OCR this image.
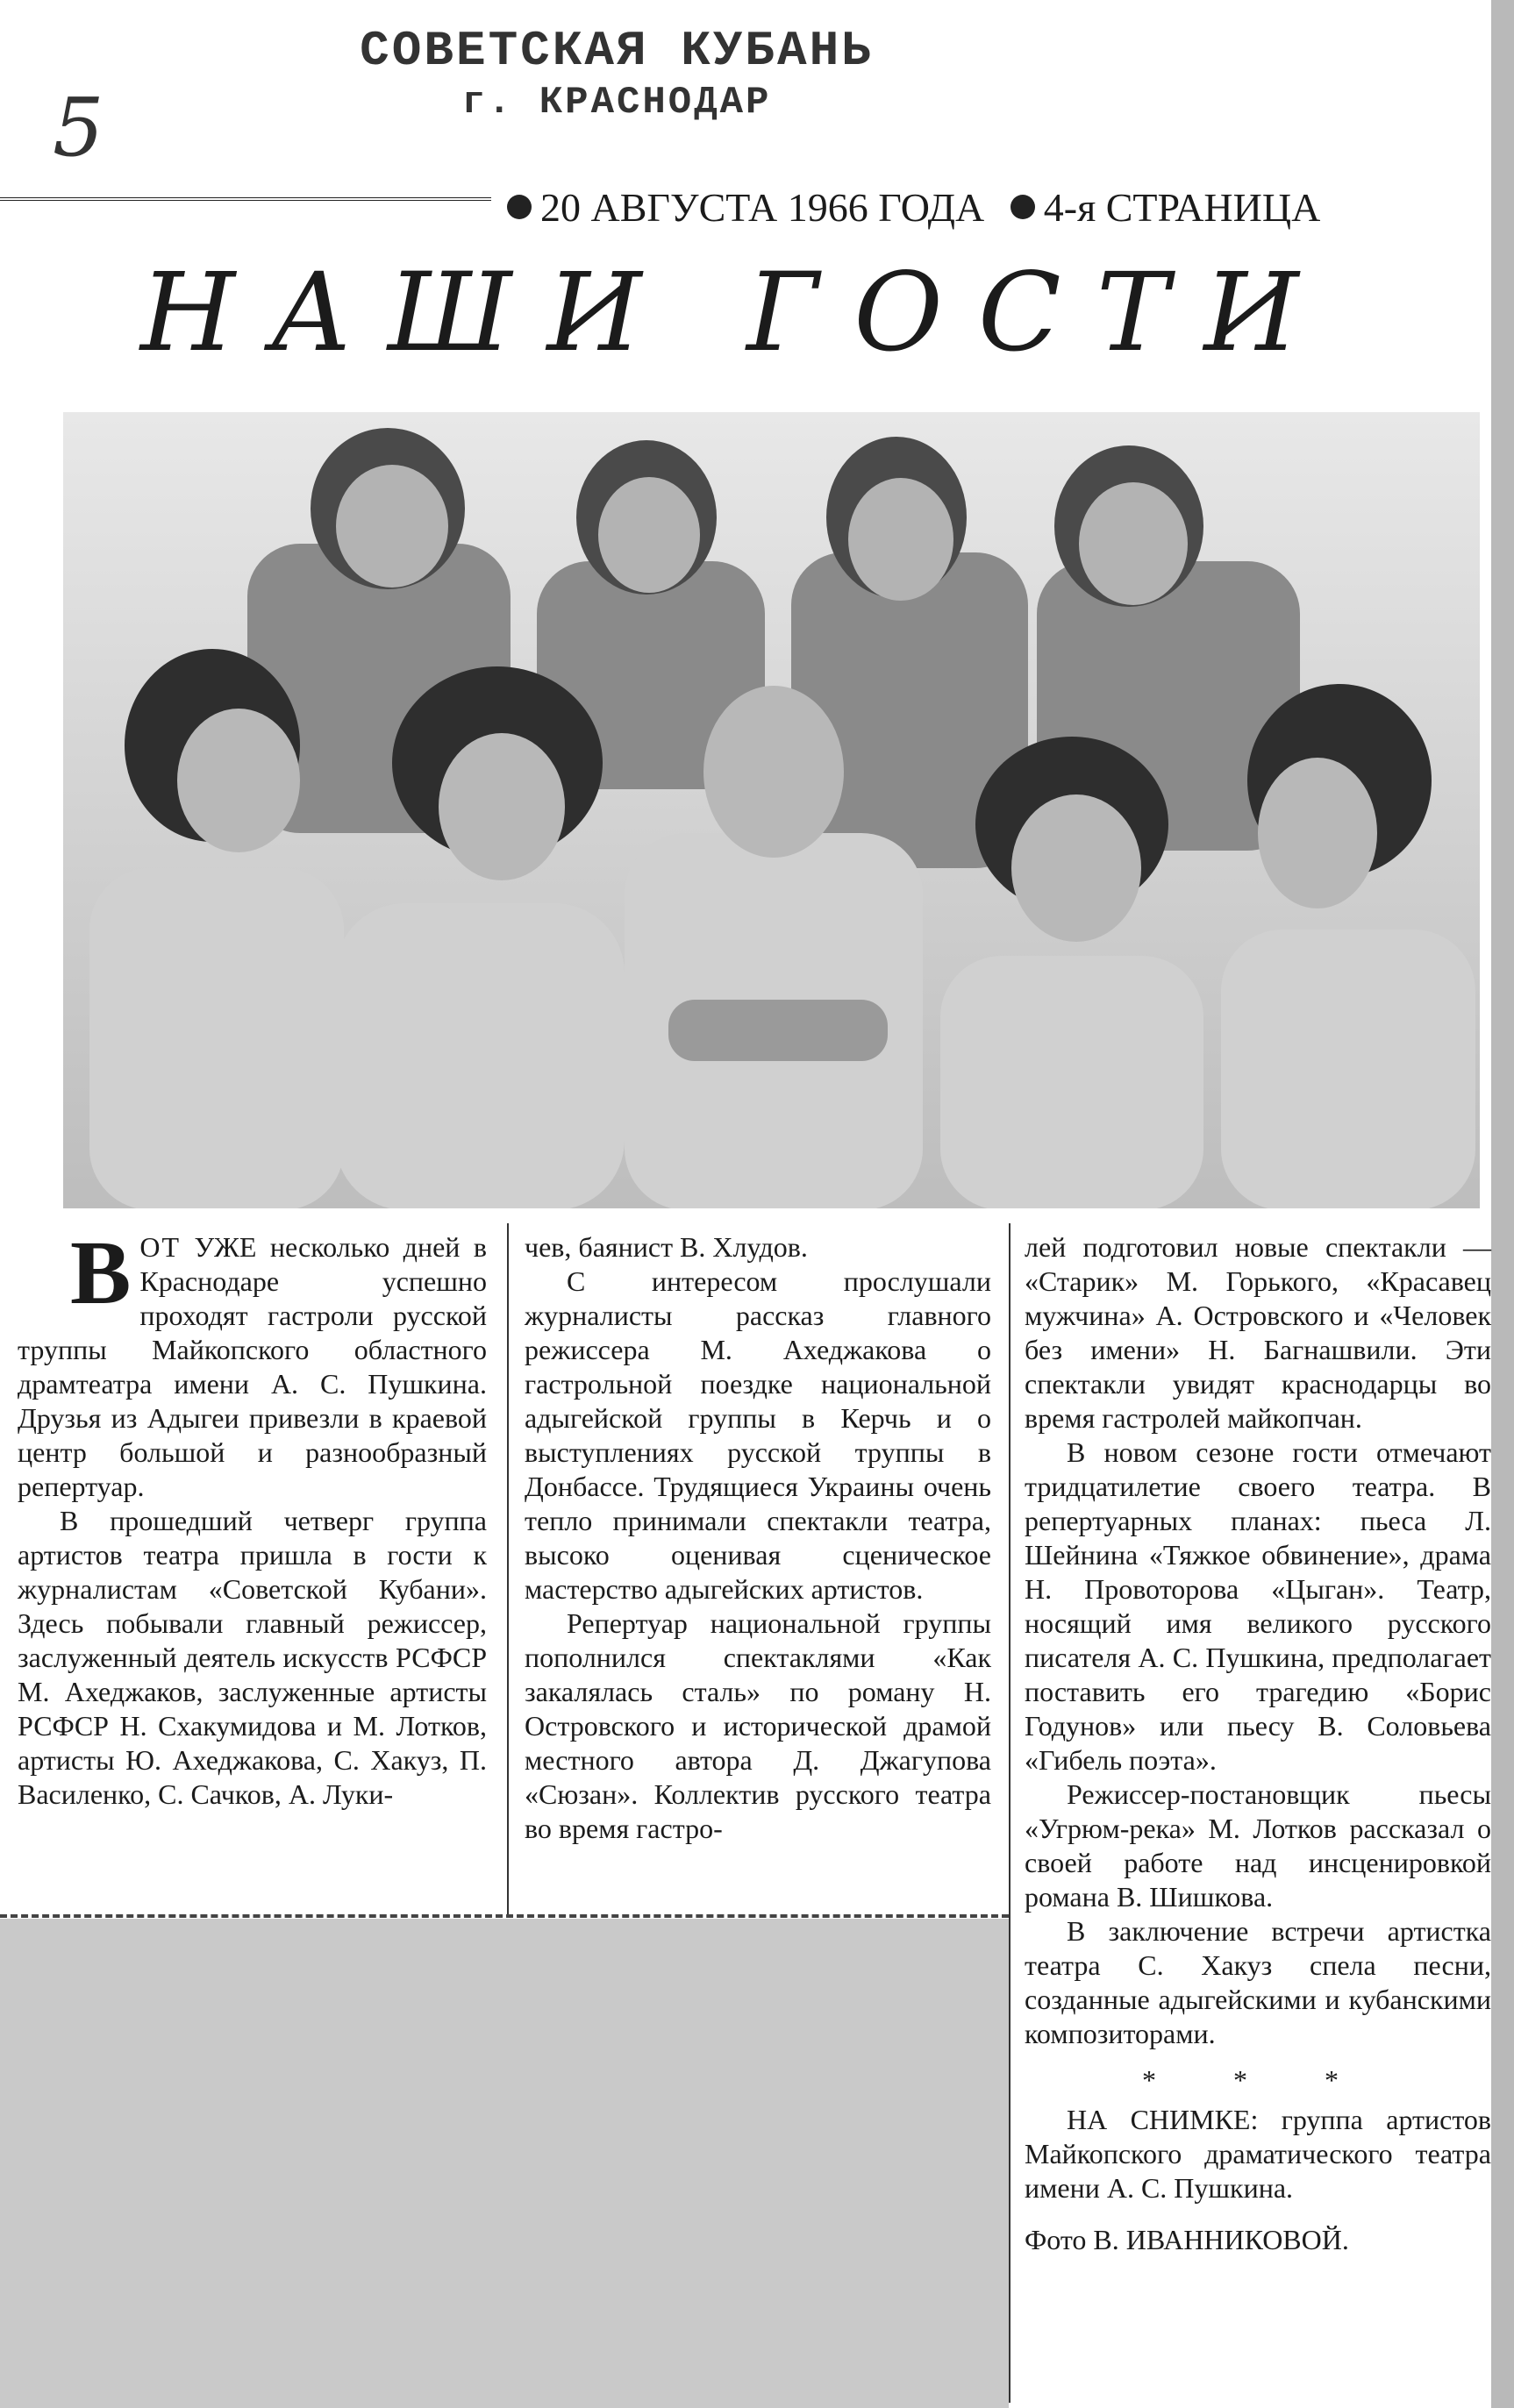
СОВЕТСКАЯ КУБАНЬ
г. КРАСНОДАР
5
20 АВГУСТА 1966 ГОДА 4-я СТРАНИЦА
НАШИ ГОСТИ

ВОТ УЖЕ несколько дней в Краснодаре успешно проходят гастроли русской труппы Майкопского областного драмтеатра имени А. С. Пушкина. Друзья из Адыгеи привезли в краевой центр большой и разнообразный репертуар.

В прошедший четверг группа артистов театра пришла в гости к журналистам «Советской Кубани». Здесь побывали главный режиссер, заслуженный деятель искусств РСФСР М. Ахеджаков, заслуженные артисты РСФСР Н. Схакумидова и М. Лотков, артисты Ю. Ахеджакова, С. Хакуз, П. Василенко, С. Сачков, А. Луки-

чев, баянист В. Хлудов.

С интересом прослушали журналисты рассказ главного режиссера М. Ахеджакова о гастрольной поездке национальной адыгейской группы в Керчь и о выступлениях русской труппы в Донбассе. Трудящиеся Украины очень тепло принимали спектакли театра, высоко оценивая сценическое мастерство адыгейских артистов.

Репертуар национальной группы пополнился спектаклями «Как закалялась сталь» по роману Н. Островского и исторической драмой местного автора Д. Джагупова «Сюзан». Коллектив русского театра во время гастро-

лей подготовил новые спектакли — «Старик» М. Горького, «Красавец мужчина» А. Островского и «Человек без имени» Н. Багнашвили. Эти спектакли увидят краснодарцы во время гастролей майкопчан.

В новом сезоне гости отмечают тридцатилетие своего театра. В репертуарных планах: пьеса Л. Шейнина «Тяжкое обвинение», драма Н. Провоторова «Цыган». Театр, носящий имя великого русского писателя А. С. Пушкина, предполагает поставить его трагедию «Борис Годунов» или пьесу В. Соловьева «Гибель поэта».

Режиссер-постановщик пьесы «Угрюм-река» М. Лотков рассказал о своей работе над инсценировкой романа В. Шишкова.

В заключение встречи артистка театра С. Хакуз спела песни, созданные адыгейскими и кубанскими композиторами.

* * *

НА СНИМКЕ: группа артистов Майкопского драматического театра имени А. С. Пушкина.

Фото В. ИВАННИКОВОЙ.
